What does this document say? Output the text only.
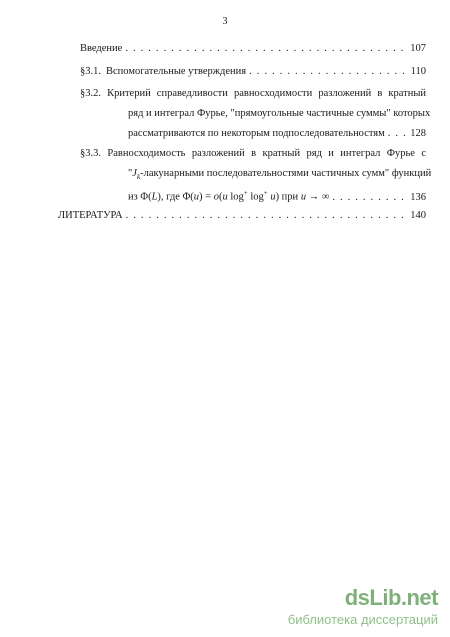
3
Введение . . .	107
§3.1. Вспомогательные утверждения . . .	110
§3.2. Критерий справедливости равносходимости разложений в кратный
ряд и интеграл Фурье, "прямоугольные частичные суммы" которых
рассматриваются по некоторым подпоследовательностям . . . 128
§3.3. Равносходимость разложений в кратный ряд и интеграл Фурье с
"$J_k$-лакунарными последовательностями частичных сумм" функций
из Φ(L), где Φ(u) = o(u log+ log+ u) при u → ∞ . . .	136
ЛИТЕРАТУРА . . .	140
dsLib.net
библиотека диссертаций
